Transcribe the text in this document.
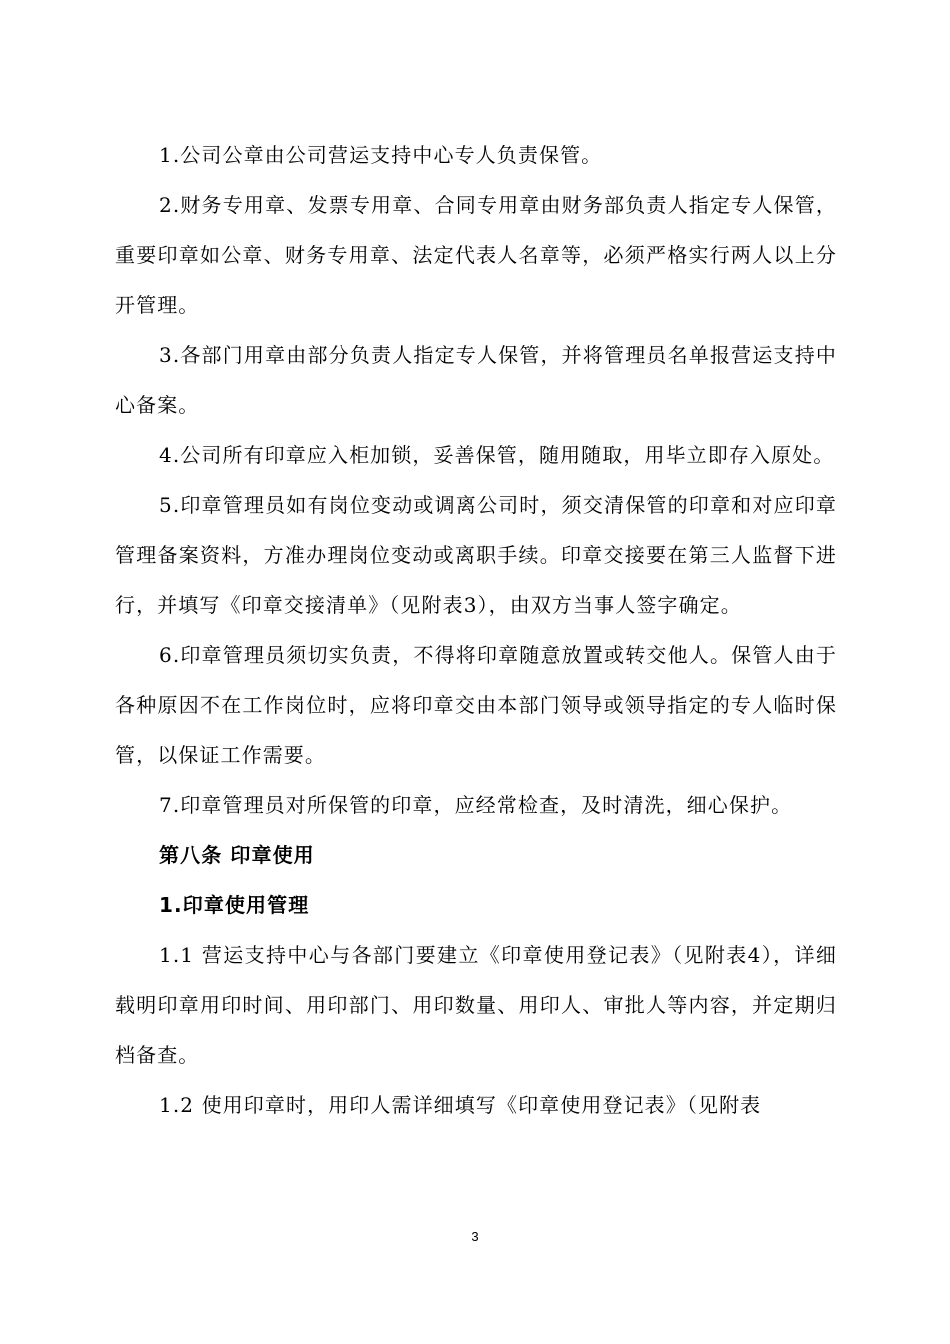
1.公司公章由公司营运支持中心专人负责保管。

2.财务专用章、发票专用章、合同专用章由财务部负责人指定专人保管，重要印章如公章、财务专用章、法定代表人名章等，必须严格实行两人以上分开管理。

3.各部门用章由部分负责人指定专人保管，并将管理员名单报营运支持中心备案。

4.公司所有印章应入柜加锁，妥善保管，随用随取，用毕立即存入原处。

5.印章管理员如有岗位变动或调离公司时，须交清保管的印章和对应印章管理备案资料，方准办理岗位变动或离职手续。印章交接要在第三人监督下进行，并填写《印章交接清单》（见附表3），由双方当事人签字确定。

6.印章管理员须切实负责，不得将印章随意放置或转交他人。保管人由于各种原因不在工作岗位时，应将印章交由本部门领导或领导指定的专人临时保管，以保证工作需要。

7.印章管理员对所保管的印章，应经常检查，及时清洗，细心保护。

第八条 印章使用

1.印章使用管理

1.1 营运支持中心与各部门要建立《印章使用登记表》（见附表4），详细载明印章用印时间、用印部门、用印数量、用印人、审批人等内容，并定期归档备查。

1.2 使用印章时，用印人需详细填写《印章使用登记表》（见附表

3
